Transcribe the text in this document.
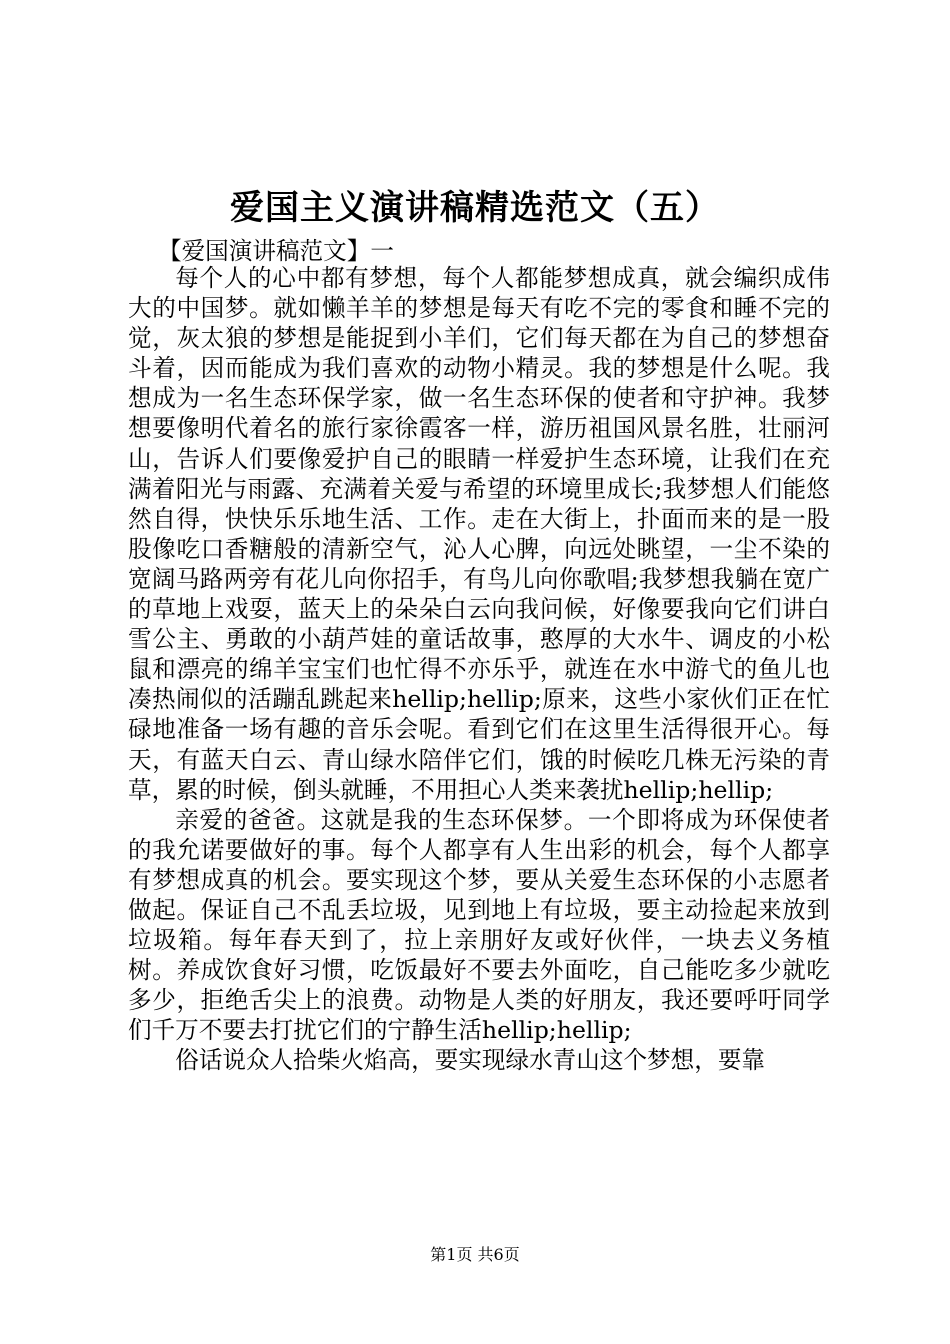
爱国主义演讲稿精选范文（五）
【爱国演讲稿范文】一

每个人的心中都有梦想，每个人都能梦想成真，就会编织成伟大的中国梦。就如懒羊羊的梦想是每天有吃不完的零食和睡不完的觉，灰太狼的梦想是能捉到小羊们，它们每天都在为自己的梦想奋斗着，因而能成为我们喜欢的动物小精灵。我的梦想是什么呢。我想成为一名生态环保学家，做一名生态环保的使者和守护神。我梦想要像明代着名的旅行家徐霞客一样，游历祖国风景名胜，壮丽河山，告诉人们要像爱护自己的眼睛一样爱护生态环境，让我们在充满着阳光与雨露、充满着关爱与希望的环境里成长;我梦想人们能悠然自得，快快乐乐地生活、工作。走在大街上，扑面而来的是一股股像吃口香糖般的清新空气，沁人心脾，向远处眺望，一尘不染的宽阔马路两旁有花儿向你招手，有鸟儿向你歌唱;我梦想我躺在宽广的草地上戏耍，蓝天上的朵朵白云向我问候，好像要我向它们讲白雪公主、勇敢的小葫芦娃的童话故事，憨厚的大水牛、调皮的小松鼠和漂亮的绵羊宝宝们也忙得不亦乐乎，就连在水中游弋的鱼儿也凑热闹似的活蹦乱跳起来hellip;hellip;原来，这些小家伙们正在忙碌地准备一场有趣的音乐会呢。看到它们在这里生活得很开心。每天，有蓝天白云、青山绿水陪伴它们，饿的时候吃几株无污染的青草，累的时候，倒头就睡，不用担心人类来袭扰hellip;hellip;

亲爱的爸爸。这就是我的生态环保梦。一个即将成为环保使者的我允诺要做好的事。每个人都享有人生出彩的机会，每个人都享有梦想成真的机会。要实现这个梦，要从关爱生态环保的小志愿者做起。保证自己不乱丢垃圾，见到地上有垃圾，要主动捡起来放到垃圾箱。每年春天到了，拉上亲朋好友或好伙伴，一块去义务植树。养成饮食好习惯，吃饭最好不要去外面吃，自己能吃多少就吃多少，拒绝舌尖上的浪费。动物是人类的好朋友，我还要呼吁同学们千万不要去打扰它们的宁静生活hellip;hellip;

俗话说众人拾柴火焰高，要实现绿水青山这个梦想，要靠

第1页 共6页
